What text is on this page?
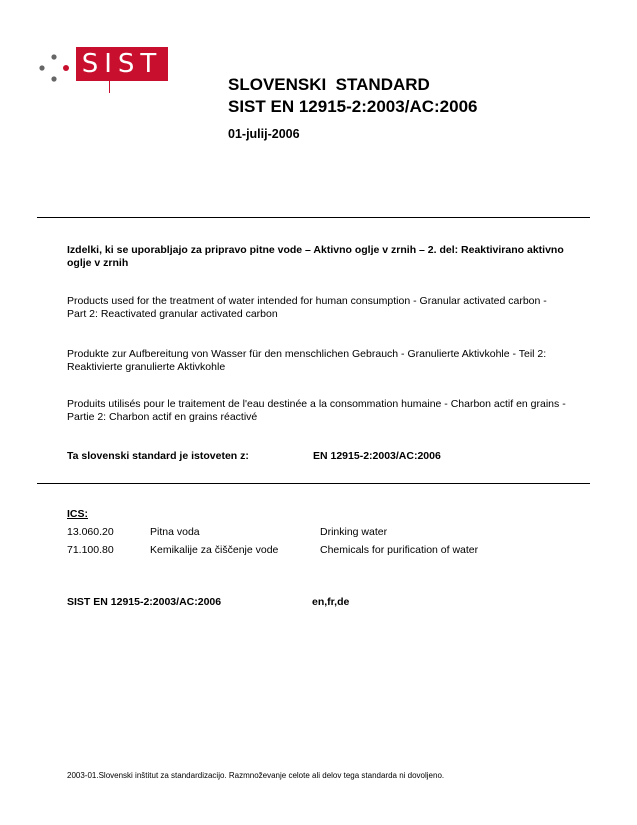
SIST
SLOVENSKI  STANDARD
SIST EN 12915-2:2003/AC:2006
01-julij-2006
Izdelki, ki se uporabljajo za pripravo pitne vode – Aktivno oglje v zrnih – 2. del: Reaktivirano aktivno oglje v zrnih
Products used for the treatment of water intended for human consumption - Granular activated carbon - Part 2: Reactivated granular activated carbon
Produkte zur Aufbereitung von Wasser für den menschlichen Gebrauch - Granulierte Aktivkohle - Teil 2: Reaktivierte granulierte Aktivkohle
Produits utilisés pour le traitement de l'eau destinée a la consommation humaine - Charbon actif en grains - Partie 2: Charbon actif en grains réactivé
Ta slovenski standard je istoveten z:	EN 12915-2:2003/AC:2006
ICS:
13.060.20	Pitna voda	Drinking water
71.100.80	Kemikalije za čiščenje vode	Chemicals for purification of water
SIST EN 12915-2:2003/AC:2006	en,fr,de
2003-01.Slovenski inštitut za standardizacijo. Razmnoževanje celote ali delov tega standarda ni dovoljeno.
